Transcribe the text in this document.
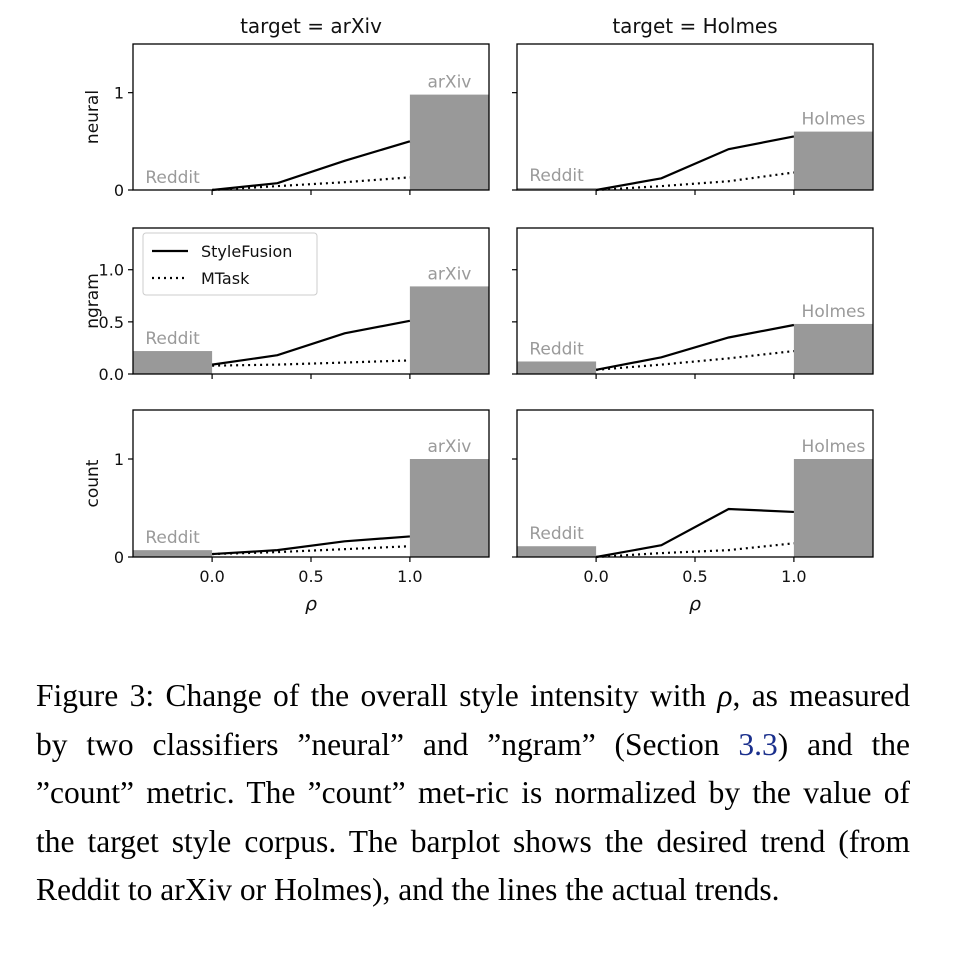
Reddit
arXiv
0
1
target = arXiv
neural
Reddit
Holmes
target = Holmes
Reddit
arXiv
0.0
0.5
1.0
ngram
Reddit
Holmes
Reddit
arXiv
0
1
0.0	0.5	1.0
ρ
count
Reddit
Holmes
0.0	0.5	1.0
ρ
StyleFusion
MTask
Figure 3: Change of the overall style intensity with ρ, as measured by two classifiers ”neural” and ”ngram” (Section 3.3) and the ”count” metric. The ”count” met-ric is normalized by the value of the target style corpus. The barplot shows the desired trend (from Reddit to arXiv or Holmes), and the lines the actual trends.
